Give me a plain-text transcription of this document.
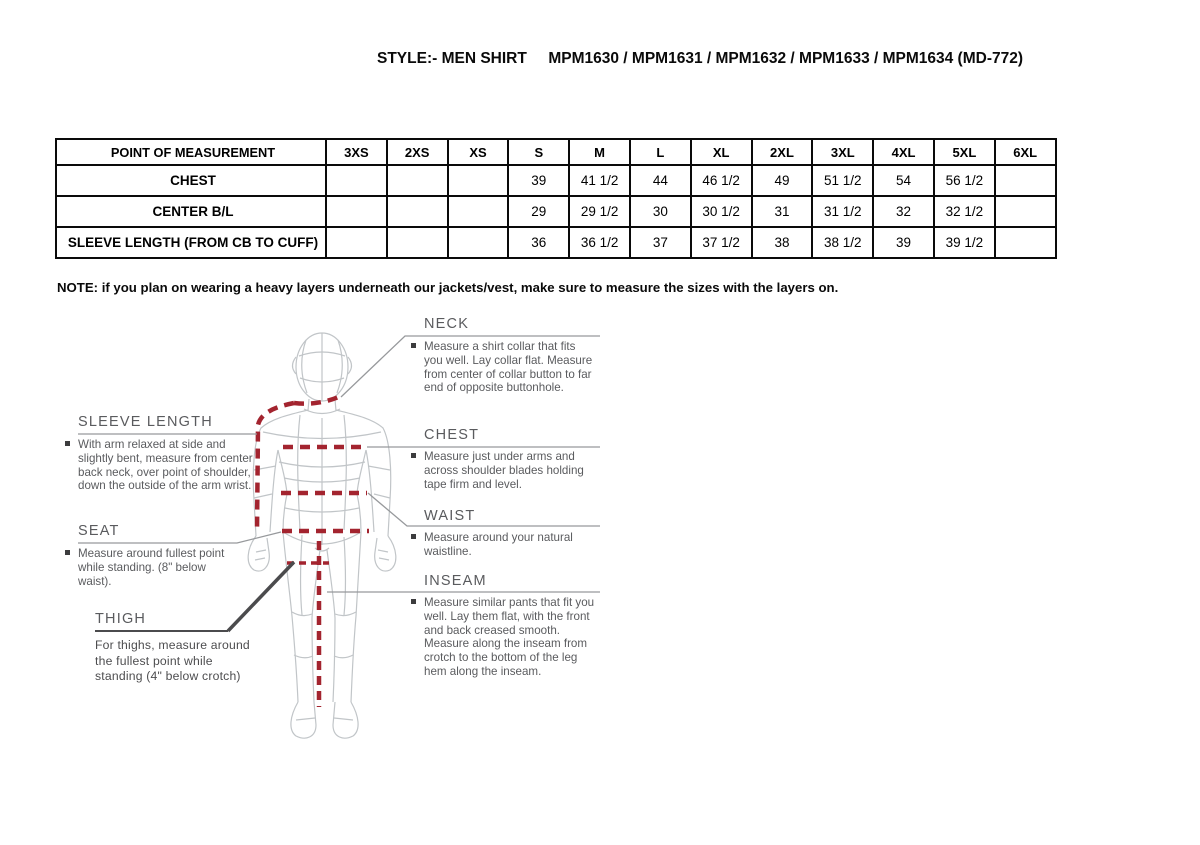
STYLE:- MEN SHIRT     MPM1630 / MPM1631 / MPM1632 / MPM1633 / MPM1634 (MD-772)
POINT OF MEASUREMENT	3XS	2XS	XS	S	M	L	XL	2XL	3XL	4XL	5XL	6XL
CHEST				39	41 1/2	44	46 1/2	49	51 1/2	54	56 1/2	
CENTER B/L				29	29 1/2	30	30 1/2	31	31 1/2	32	32 1/2	
SLEEVE LENGTH (FROM CB TO CUFF)				36	36 1/2	37	37 1/2	38	38 1/2	39	39 1/2	
NOTE: if you plan on wearing a heavy layers underneath our jackets/vest, make sure to measure the sizes with the layers on.
NECK
Measure a shirt collar that fits you well. Lay collar flat. Measure from center of collar button to far end of opposite buttonhole.
CHEST
Measure just under arms and across shoulder blades holding tape firm and level.
WAIST
Measure around your natural waistline.
INSEAM
Measure similar pants that fit you well. Lay them flat, with the front and back creased smooth. Measure along the inseam from crotch to the bottom of the leg hem along the inseam.
SLEEVE LENGTH
With arm relaxed at side and slightly bent, measure from center back neck, over point of shoulder, down the outside of the arm wrist.
SEAT
Measure around fullest point while standing. (8" below waist).
THIGH
For thighs, measure around the fullest point while standing (4" below crotch)
